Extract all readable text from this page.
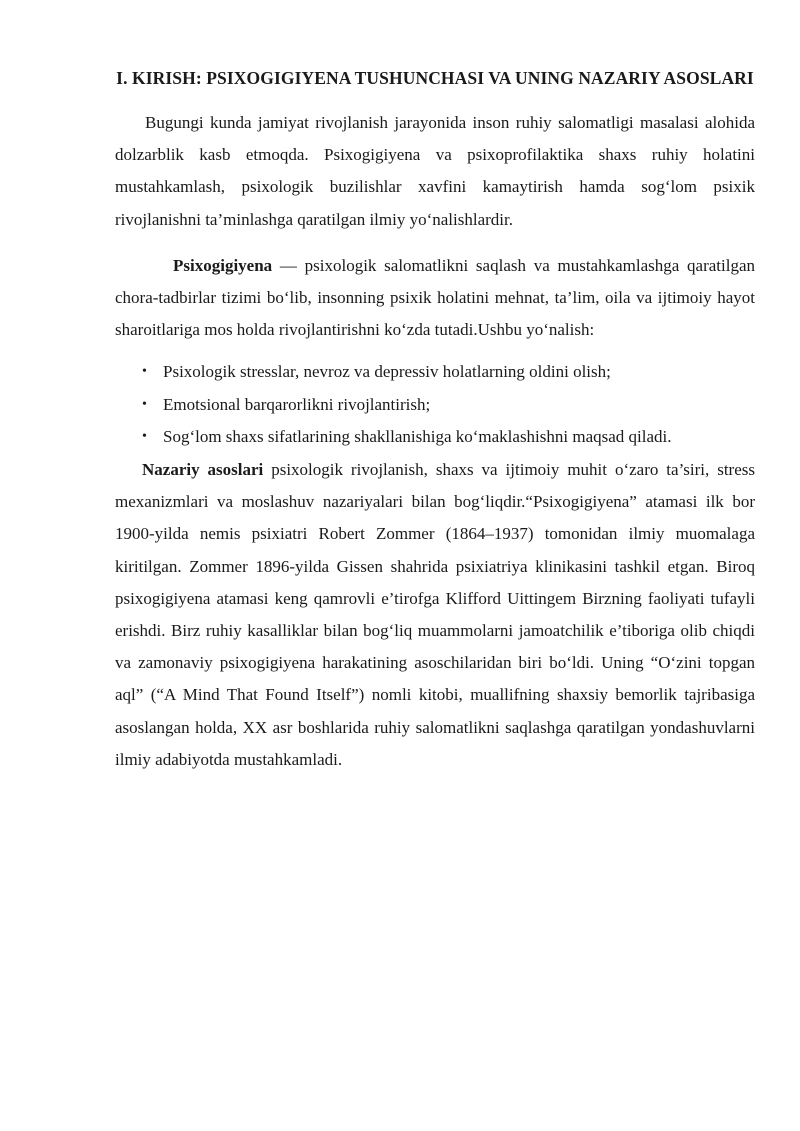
I. KIRISH: PSIXOGIGIYENA TUSHUNCHASI VA UNING NAZARIY ASOSLARI

Bugungi kunda jamiyat rivojlanish jarayonida inson ruhiy salomatligi masalasi alohida dolzarblik kasb etmoqda. Psixogigiyena va psixoprofilaktika shaxs ruhiy holatini mustahkamlash, psixologik buzilishlar xavfini kamaytirish hamda sog‘lom psixik rivojlanishni ta’minlashga qaratilgan ilmiy yo‘nalishlardir.

Psixogigiyena — psixologik salomatlikni saqlash va mustahkamlashga qaratilgan chora-tadbirlar tizimi bo‘lib, insonning psixik holatini mehnat, ta’lim, oila va ijtimoiy hayot sharoitlariga mos holda rivojlantirishni ko‘zda tutadi.Ushbu yo‘nalish:

• Psixologik stresslar, nevroz va depressiv holatlarning oldini olish;
• Emotsional barqarorlikni rivojlantirish;
• Sog‘lom shaxs sifatlarining shakllanishiga ko‘maklashishni maqsad qiladi.

Nazariy asoslari psixologik rivojlanish, shaxs va ijtimoiy muhit o‘zaro ta’siri, stress mexanizmlari va moslashuv nazariyalari bilan bog‘liqdir.“Psixogigiyena” atamasi ilk bor 1900-yilda nemis psixiatri Robert Zommer (1864–1937) tomonidan ilmiy muomalaga kiritilgan. Zommer 1896-yilda Gissen shahrida psixiatriya klinikasini tashkil etgan. Biroq psixogigiyena atamasi keng qamrovli e’tirofga Klifford Uittingem Birzning faoliyati tufayli erishdi. Birz ruhiy kasalliklar bilan bog‘liq muammolarni jamoatchilik e’tiboriga olib chiqdi va zamonaviy psixogigiyena harakatining asoschilaridan biri bo‘ldi. Uning “O‘zini topgan aql” (“A Mind That Found Itself”) nomli kitobi, muallifning shaxsiy bemorlik tajribasiga asoslangan holda, XX asr boshlarida ruhiy salomatlikni saqlashga qaratilgan yondashuvlarni ilmiy adabiyotda mustahkamladi.
